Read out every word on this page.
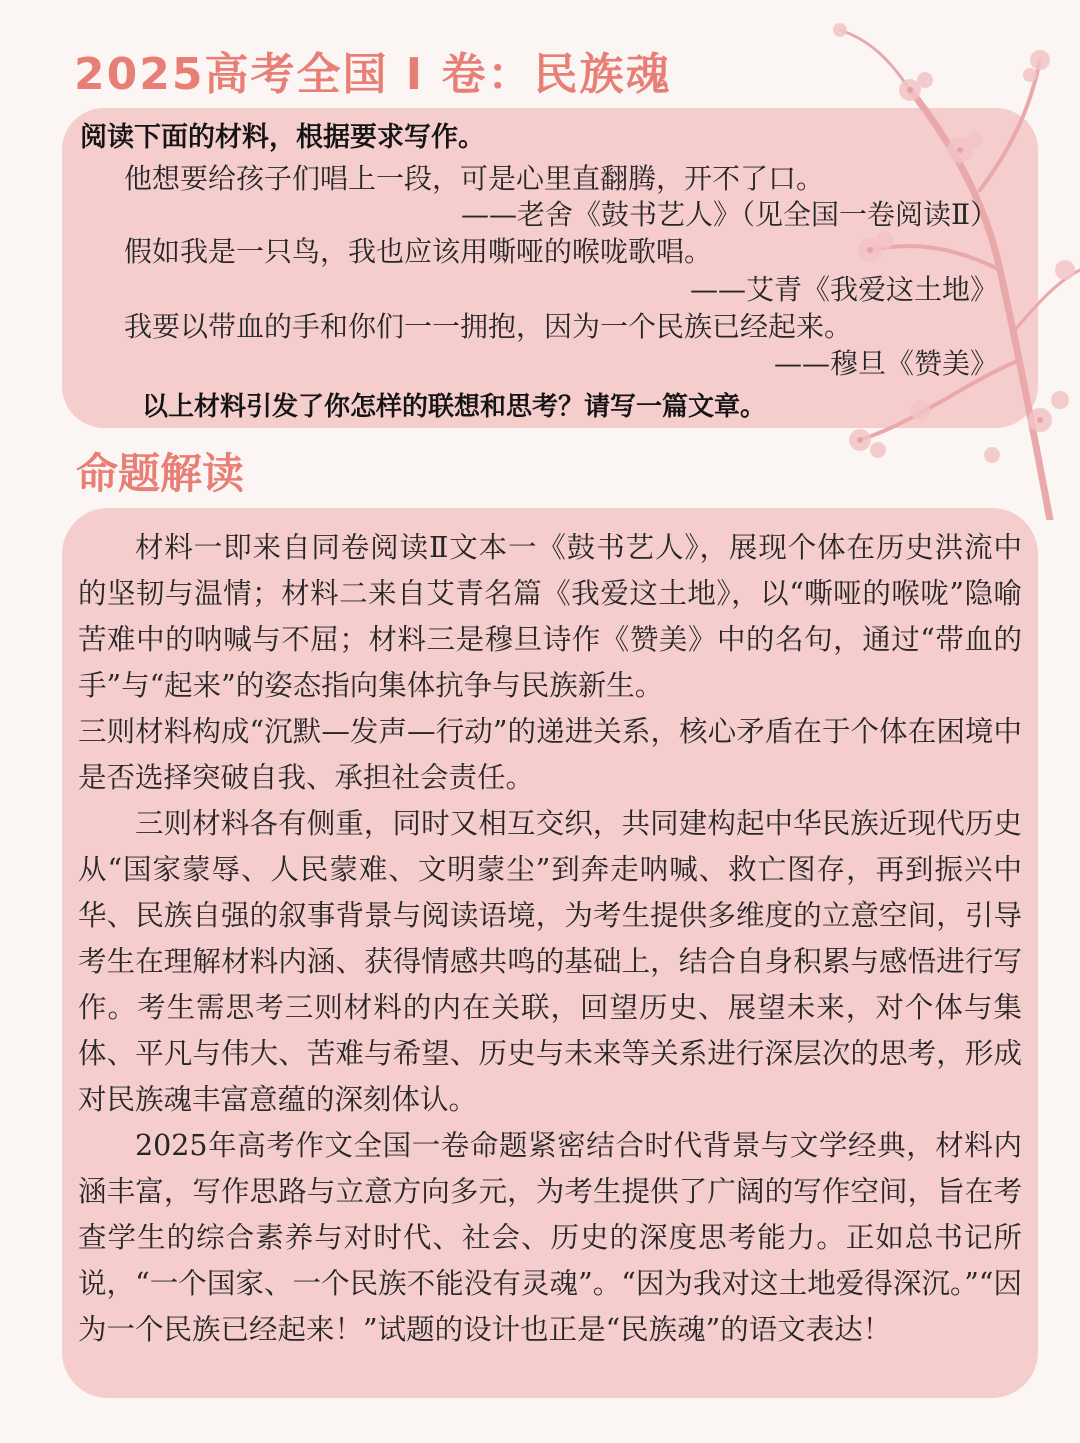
2025高考全国 Ⅰ 卷：民族魂
阅读下面的材料，根据要求写作。
他想要给孩子们唱上一段，可是心里直翻腾，开不了口。
——老舍《鼓书艺人》（见全国一卷阅读Ⅱ）
假如我是一只鸟，我也应该用嘶哑的喉咙歌唱。
——艾青《我爱这土地》
我要以带血的手和你们一一拥抱，因为一个民族已经起来。
——穆旦《赞美》
以上材料引发了你怎样的联想和思考？请写一篇文章。
命题解读

材料一即来自同卷阅读Ⅱ文本一《鼓书艺人》，展现个体在历史洪流中的坚韧与温情；材料二来自艾青名篇《我爱这土地》，以“嘶哑的喉咙”隐喻苦难中的呐喊与不屈；材料三是穆旦诗作《赞美》中的名句，通过“带血的手”与“起来”的姿态指向集体抗争与民族新生。

三则材料构成“沉默—发声—行动”的递进关系，核心矛盾在于个体在困境中是否选择突破自我、承担社会责任。

三则材料各有侧重，同时又相互交织，共同建构起中华民族近现代历史从“国家蒙辱、人民蒙难、文明蒙尘”到奔走呐喊、救亡图存，再到振兴中华、民族自强的叙事背景与阅读语境，为考生提供多维度的立意空间，引导考生在理解材料内涵、获得情感共鸣的基础上，结合自身积累与感悟进行写作。考生需思考三则材料的内在关联，回望历史、展望未来，对个体与集体、平凡与伟大、苦难与希望、历史与未来等关系进行深层次的思考，形成对民族魂丰富意蕴的深刻体认。

2025年高考作文全国一卷命题紧密结合时代背景与文学经典，材料内涵丰富，写作思路与立意方向多元，为考生提供了广阔的写作空间，旨在考查学生的综合素养与对时代、社会、历史的深度思考能力。正如总书记所说，“一个国家、一个民族不能没有灵魂”。“因为我对这土地爱得深沉。”“因为一个民族已经起来！”试题的设计也正是“民族魂”的语文表达！
